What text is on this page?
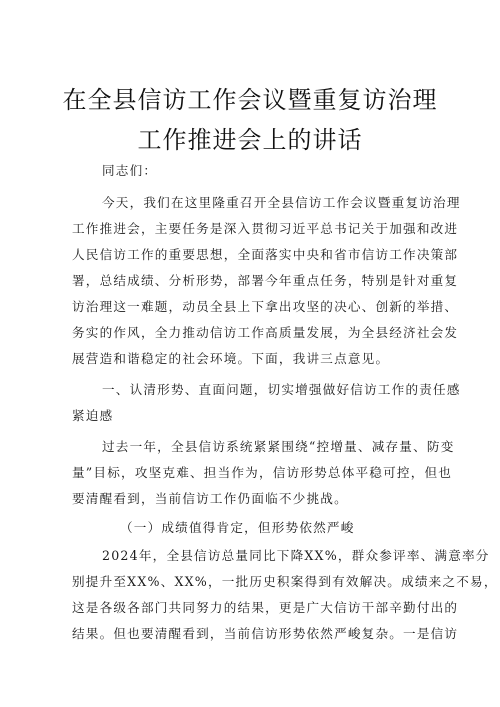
在全县信访工作会议暨重复访治理
工作推进会上的讲话
同志们：
今天，我们在这里隆重召开全县信访工作会议暨重复访治理
工作推进会，主要任务是深入贯彻习近平总书记关于加强和改进
人民信访工作的重要思想，全面落实中央和省市信访工作决策部
署，总结成绩、分析形势，部署今年重点任务，特别是针对重复
访治理这一难题，动员全县上下拿出攻坚的决心、创新的举措、
务实的作风，全力推动信访工作高质量发展，为全县经济社会发
展营造和谐稳定的社会环境。下面，我讲三点意见。
一、认清形势、直面问题，切实增强做好信访工作的责任感
紧迫感
过去一年，全县信访系统紧紧围绕“控增量、减存量、防变
量”目标，攻坚克难、担当作为，信访形势总体平稳可控，但也
要清醒看到，当前信访工作仍面临不少挑战。
（一）成绩值得肯定，但形势依然严峻
2024年，全县信访总量同比下降XX%，群众参评率、满意率分
别提升至XX%、XX%，一批历史积案得到有效解决。成绩来之不易，
这是各级各部门共同努力的结果，更是广大信访干部辛勤付出的
结果。但也要清醒看到，当前信访形势依然严峻复杂。一是信访
